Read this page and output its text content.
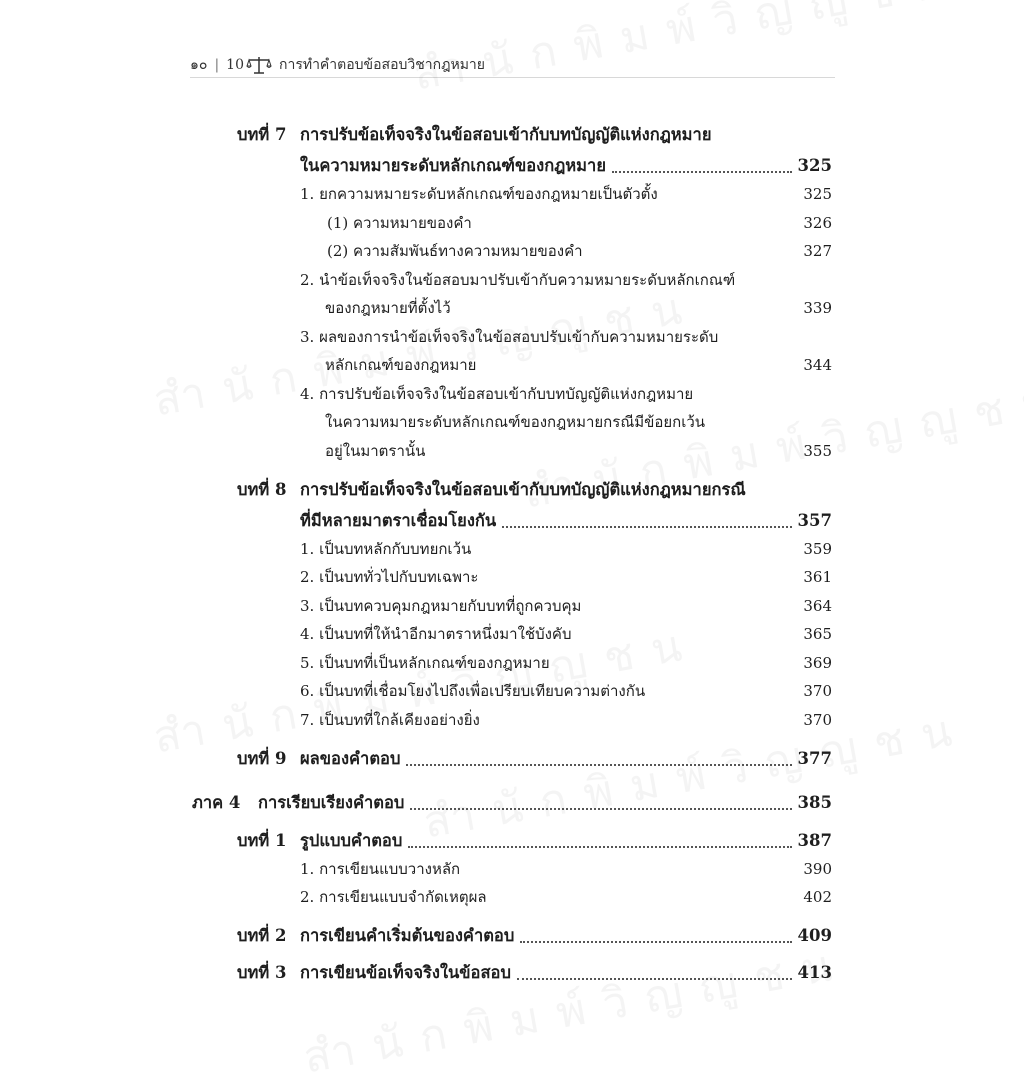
๑๐ | 10	การทำคำตอบข้อสอบวิชากฎหมาย
บทที่ 7 การปรับข้อเท็จจริงในข้อสอบเข้ากับบทบัญญัติแห่งกฎหมาย
ในความหมายระดับหลักเกณฑ์ของกฎหมาย	325
1. ยกความหมายระดับหลักเกณฑ์ของกฎหมายเป็นตัวตั้ง	325
(1) ความหมายของคำ	326
(2) ความสัมพันธ์ทางความหมายของคำ	327
2. นำข้อเท็จจริงในข้อสอบมาปรับเข้ากับความหมายระดับหลักเกณฑ์
ของกฎหมายที่ตั้งไว้	339
3. ผลของการนำข้อเท็จจริงในข้อสอบปรับเข้ากับความหมายระดับ
หลักเกณฑ์ของกฎหมาย	344
4. การปรับข้อเท็จจริงในข้อสอบเข้ากับบทบัญญัติแห่งกฎหมาย
ในความหมายระดับหลักเกณฑ์ของกฎหมายกรณีมีข้อยกเว้น
อยู่ในมาตรานั้น	355
บทที่ 8 การปรับข้อเท็จจริงในข้อสอบเข้ากับบทบัญญัติแห่งกฎหมายกรณี
ที่มีหลายมาตราเชื่อมโยงกัน	357
1. เป็นบทหลักกับบทยกเว้น	359
2. เป็นบททั่วไปกับบทเฉพาะ	361
3. เป็นบทควบคุมกฎหมายกับบทที่ถูกควบคุม	364
4. เป็นบทที่ให้นำอีกมาตราหนึ่งมาใช้บังคับ	365
5. เป็นบทที่เป็นหลักเกณฑ์ของกฎหมาย	369
6. เป็นบทที่เชื่อมโยงไปถึงเพื่อเปรียบเทียบความต่างกัน	370
7. เป็นบทที่ใกล้เคียงอย่างยิ่ง	370
บทที่ 9 ผลของคำตอบ	377
ภาค 4 การเรียบเรียงคำตอบ	385
บทที่ 1 รูปแบบคำตอบ	387
1. การเขียนแบบวางหลัก	390
2. การเขียนแบบจำกัดเหตุผล	402
บทที่ 2 การเขียนคำเริ่มต้นของคำตอบ	409
บทที่ 3 การเขียนข้อเท็จจริงในข้อสอบ	413
